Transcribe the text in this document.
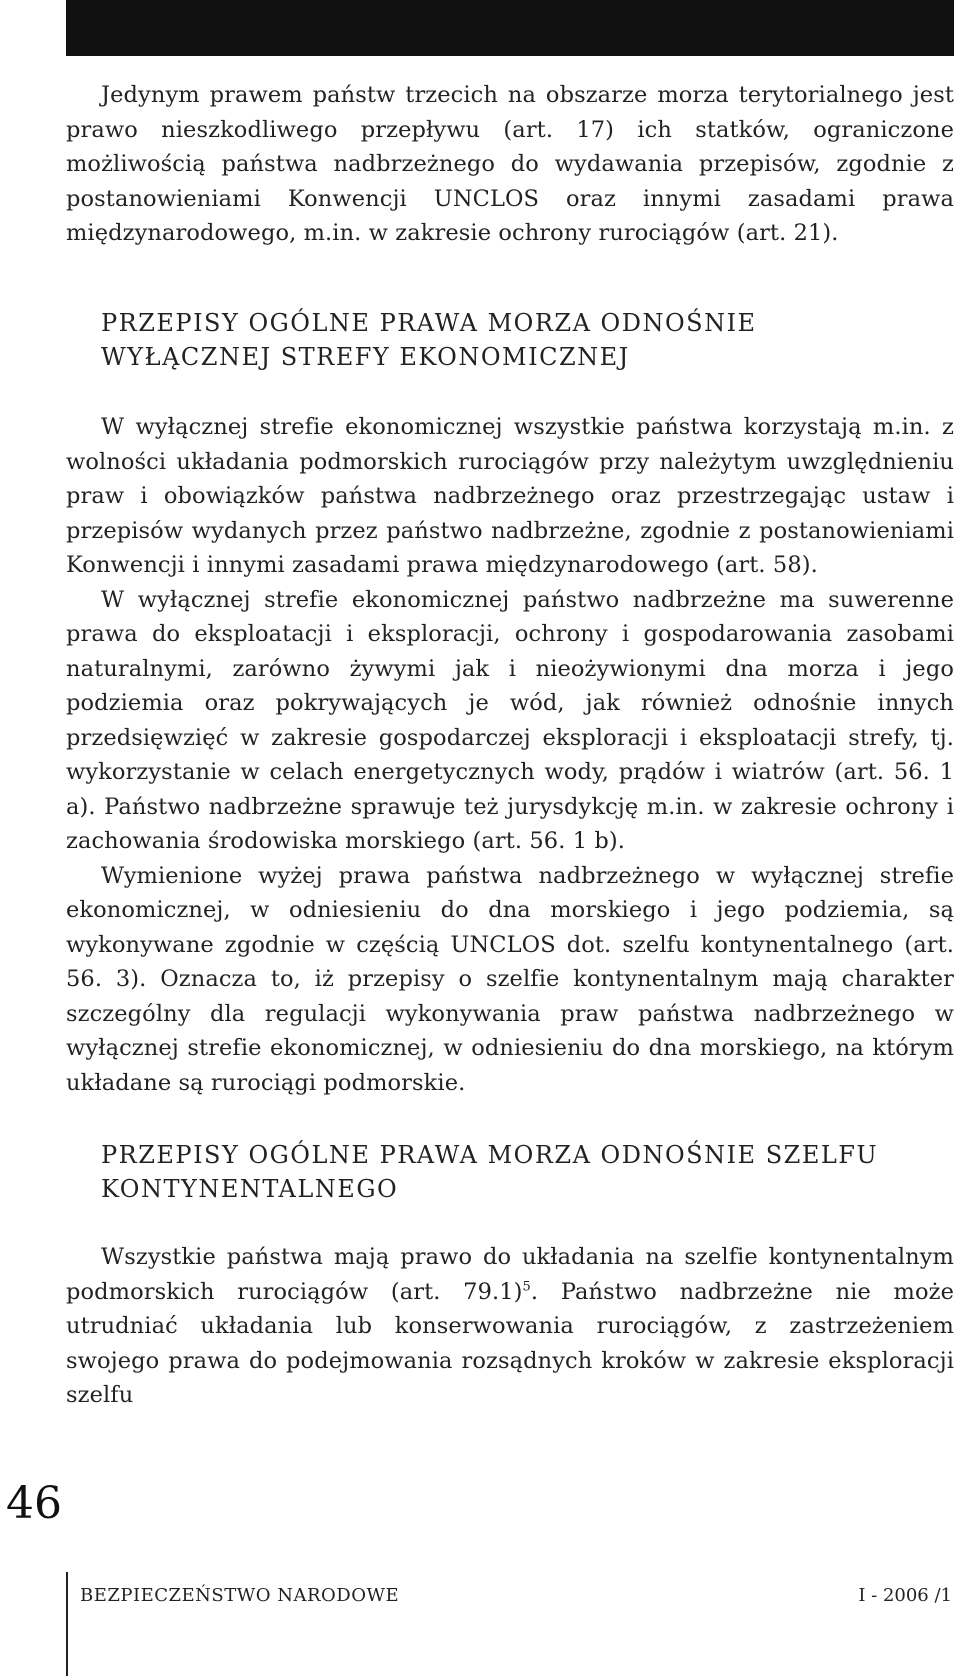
Jedynym prawem państw trzecich na obszarze morza terytorialnego jest prawo nieszkodliwego przepływu (art. 17) ich statków, ograniczone możliwością państwa nadbrzeżnego do wydawania przepisów, zgodnie z postanowieniami Konwencji UNCLOS oraz innymi zasadami prawa międzynarodowego, m.in. w zakresie ochrony rurociągów (art. 21).

PRZEPISY OGÓLNE PRAWA MORZA ODNOŚNIE
WYŁĄCZNEJ STREFY EKONOMICZNEJ

W wyłącznej strefie ekonomicznej wszystkie państwa korzystają m.in. z wolności układania podmorskich rurociągów przy należytym uwzględnieniu praw i obowiązków państwa nadbrzeżnego oraz przestrzegając ustaw i przepisów wydanych przez państwo nadbrzeżne, zgodnie z postanowieniami Konwencji i innymi zasadami prawa międzynarodowego (art. 58).

W wyłącznej strefie ekonomicznej państwo nadbrzeżne ma suwerenne prawa do eksploatacji i eksploracji, ochrony i gospodarowania zasobami naturalnymi, zarówno żywymi jak i nieożywionymi dna morza i jego podziemia oraz pokrywających je wód, jak również odnośnie innych przedsięwzięć w zakresie gospodarczej eksploracji i eksploatacji strefy, tj. wykorzystanie w celach energetycznych wody, prądów i wiatrów (art. 56. 1 a). Państwo nadbrzeżne sprawuje też jurysdykcję m.in. w zakresie ochrony i zachowania środowiska morskiego (art. 56. 1 b).

Wymienione wyżej prawa państwa nadbrzeżnego w wyłącznej strefie ekonomicznej, w odniesieniu do dna morskiego i jego podziemia, są wykonywane zgodnie w częścią UNCLOS dot. szelfu kontynentalnego (art. 56. 3). Oznacza to, iż przepisy o szelfie kontynentalnym mają charakter szczególny dla regulacji wykonywania praw państwa nadbrzeżnego w wyłącznej strefie ekonomicznej, w odniesieniu do dna morskiego, na którym układane są rurociągi podmorskie.

PRZEPISY OGÓLNE PRAWA MORZA ODNOŚNIE SZELFU
KONTYNENTALNEGO

Wszystkie państwa mają prawo do układania na szelfie kontynentalnym podmorskich rurociągów (art. 79.1)$^5$. Państwo nadbrzeżne nie może utrudniać układania lub konserwowania rurociągów, z zastrzeżeniem swojego prawa do podejmowania rozsądnych kroków w zakresie eksploracji szelfu

46
BEZPIECZEŃSTWO NARODOWE	I - 2006 /1
